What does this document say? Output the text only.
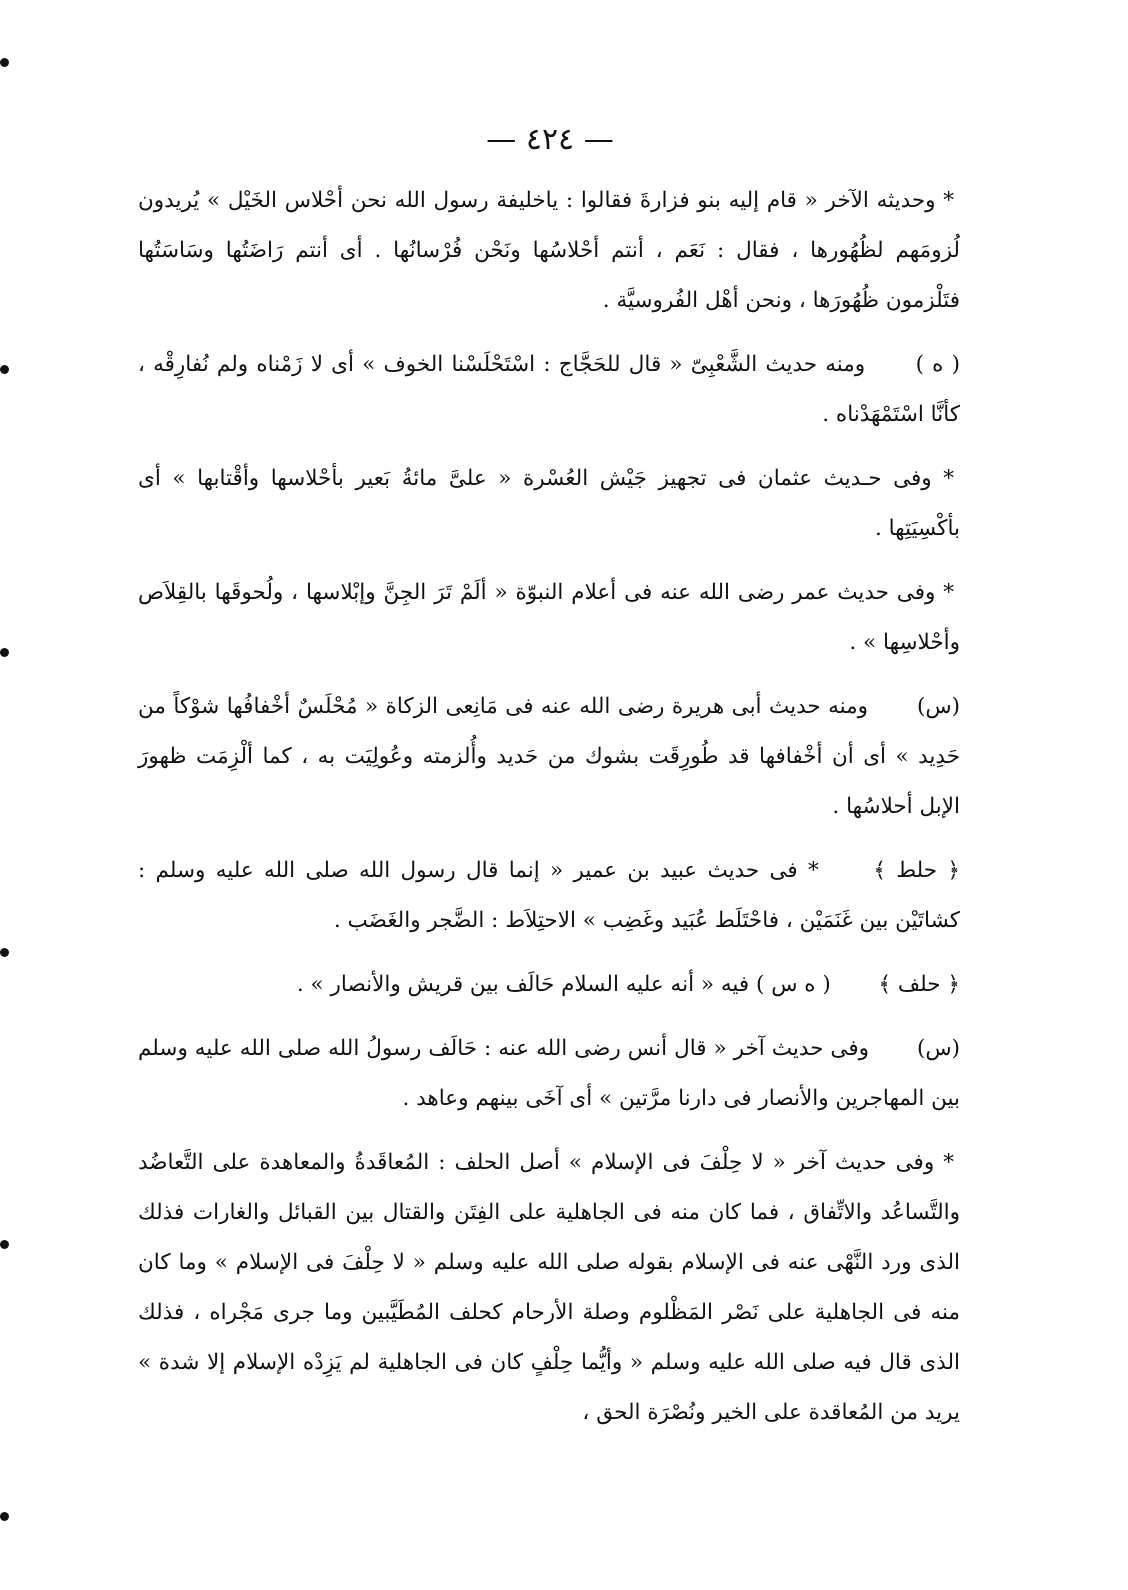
— ٤٢٤ —

* وحديثه الآخر « قام إليه بنو فزارةَ فقالوا : ياخليفة رسول الله نحن أحْلاس الخَيْل » يُريدون لُزومَهم لظُهُورها ، فقال : نَعَم ، أنتم أحْلاسُها ونَحْن فُرْسانُها . أى أنتم رَاضَتُها وسَاسَتُها فتَلْزمون ظُهُورَها ، ونحن أهْل الفُروسيَّة .

( ه )  ومنه حديث الشَّعْبِىّ « قال للحَجَّاج : اسْتَحْلَسْنا الخوف » أى لا زَمْناه ولم نُفارِقْه ، كأنَّا اسْتَمْهَدْناه .

* وفى حـديث عثمان فى تجهيز جَيْش العُسْرة « علىَّ مائةُ بَعير بأحْلاسها وأقْتابها » أى بأكْسِيَتِها .

* وفى حديث عمر رضى الله عنه فى أعلام النبوّة « ألَمْ تَرَ الجِنَّ وإبْلاسها ، ولُحوقَها بالقِلاَص وأحْلاسِها » .

(س)  ومنه حديث أبى هريرة رضى الله عنه فى مَانِعى الزكاة « مُحْلَسٌ أخْفافُها شوْكاً من حَدِيد » أى أن أخْفافها قد طُورِقَت بشوك من حَديد وأُلزمته وعُولِيَت به ، كما ألْزِمَت ظهورَ الإبل أحلاسُها .

﴿ حلط ﴾  * فى حديث عبيد بن عمير « إنما قال رسول الله صلى الله عليه وسلم : كشاتَيْن بين غَنَمَيْن ، فاحْتَلَط عُبَيد وغَضِب » الاحتِلاَط : الضَّجر والغَضَب .

﴿ حلف ﴾  ( ه س ) فيه « أنه عليه السلام حَالَف بين قريش والأنصار » .

(س)  وفى حديث آخر « قال أنس رضى الله عنه : حَالَف رسولُ الله صلى الله عليه وسلم بين المهاجرين والأنصار فى دارنا مرَّتين » أى آخَى بينهم وعاهد .

* وفى حديث آخر « لا حِلْفَ فى الإسلام » أصل الحلف : المُعاقَدةُ والمعاهدة على التَّعاضُد والتَّساعُد والاتِّفاق ، فما كان منه فى الجاهلية على الفِتَن والقتال بين القبائل والغارات فذلك الذى ورد النَّهْى عنه فى الإسلام بقوله صلى الله عليه وسلم « لا حِلْفَ فى الإسلام » وما كان منه فى الجاهلية على نَصْر المَظْلوم وصلة الأرحام كحلف المُطَيَّبين وما جرى مَجْراه ، فذلك الذى قال فيه صلى الله عليه وسلم « وأيُّما حِلْفٍ كان فى الجاهلية لم يَزِدْه الإسلام إلا شدة » يريد من المُعاقدة على الخير ونُصْرَة الحق ،
